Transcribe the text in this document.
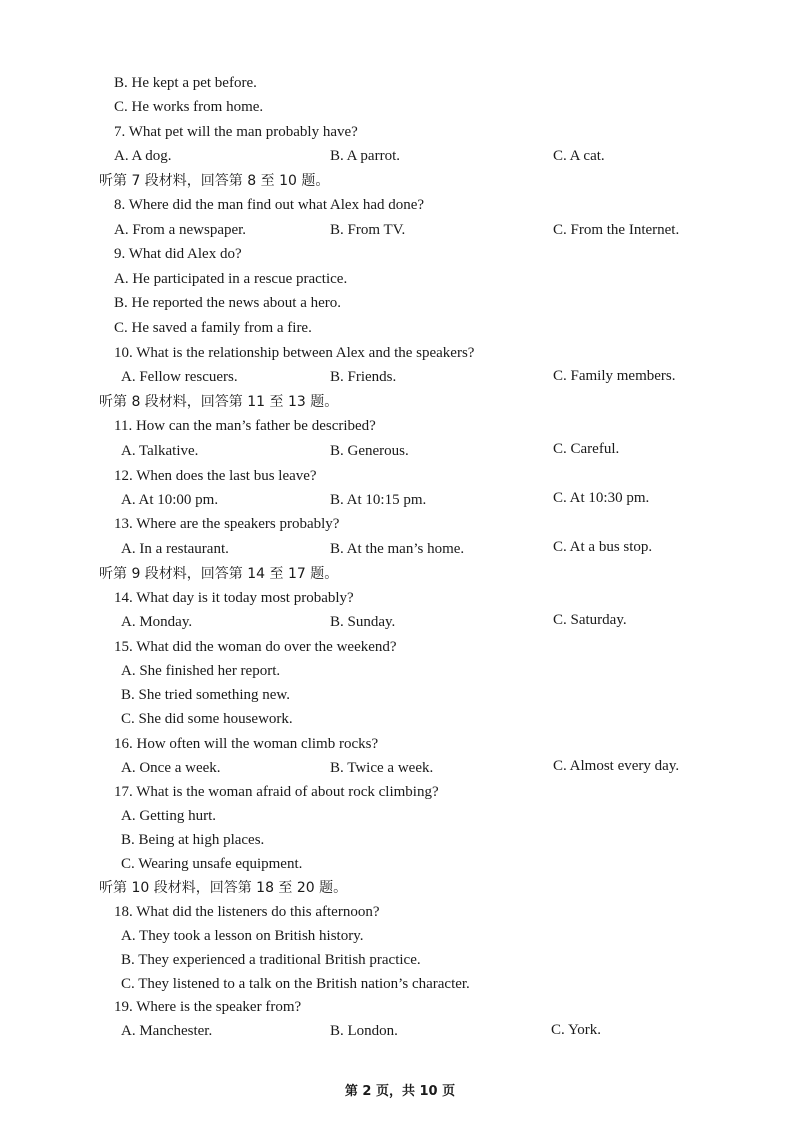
B. He kept a pet before.
C. He works from home.
7. What pet will the man probably have?
A. A dog.	B. A parrot.	C. A cat.
听第 7 段材料，回答第 8 至 10 题。
8. Where did the man find out what Alex had done?
A. From a newspaper.	B. From TV.	C. From the Internet.
9. What did Alex do?
A. He participated in a rescue practice.
B. He reported the news about a hero.
C. He saved a family from a fire.
10. What is the relationship between Alex and the speakers?
A. Fellow rescuers.	B. Friends.	C. Family members.
听第 8 段材料，回答第 11 至 13 题。
11. How can the man’s father be described?
A. Talkative.	B. Generous.	C. Careful.
12. When does the last bus leave?
A. At 10:00 pm.	B. At 10:15 pm.	C. At 10:30 pm.
13. Where are the speakers probably?
A. In a restaurant.	B. At the man’s home.	C. At a bus stop.
听第 9 段材料，回答第 14 至 17 题。
14. What day is it today most probably?
A. Monday.	B. Sunday.	C. Saturday.
15. What did the woman do over the weekend?
A. She finished her report.
B. She tried something new.
C. She did some housework.
16. How often will the woman climb rocks?
A. Once a week.	B. Twice a week.	C. Almost every day.
17. What is the woman afraid of about rock climbing?
A. Getting hurt.
B. Being at high places.
C. Wearing unsafe equipment.
听第 10 段材料，回答第 18 至 20 题。
18. What did the listeners do this afternoon?
A. They took a lesson on British history.
B. They experienced a traditional British practice.
C. They listened to a talk on the British nation’s character.
19. Where is the speaker from?
A. Manchester.	B. London.	C. York.
第 2 页，共 10 页
